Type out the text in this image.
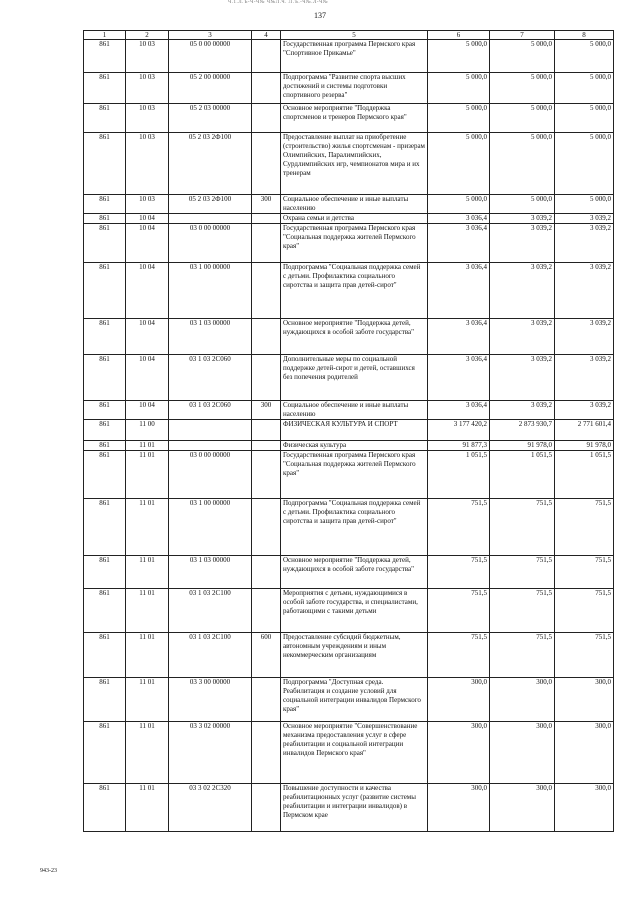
Ч.1.Л.Ъ-Ч-Ч№ Ч№Л.Ч. Л.Ъ.-Ч№.Л-Ч№
137
1	2	3	4	5	6	7	8
861	10 03	05 0 00 00000		Государственная программа Пермского края "Спортивное Прикамье"	5 000,0	5 000,0	5 000,0
861	10 03	05 2 00 00000		Подпрограмма "Развитие спорта высших достижений и системы подготовки спортивного резерва"	5 000,0	5 000,0	5 000,0
861	10 03	05 2 03 00000		Основное мероприятие "Поддержка спортсменов и тренеров Пермского края"	5 000,0	5 000,0	5 000,0
861	10 03	05 2 03 2Ф100		Предоставление выплат на приобретение (строительство) жилья спортсменам - призерам Олимпийских, Паралимпийских, Сурдлимпийских игр, чемпионатов мира и их тренерам	5 000,0	5 000,0	5 000,0
861	10 03	05 2 03 2Ф100	300	Социальное обеспечение и иные выплаты населению	5 000,0	5 000,0	5 000,0
861	10 04			Охрана семьи и детства	3 036,4	3 039,2	3 039,2
861	10 04	03 0 00 00000		Государственная программа Пермского края "Социальная поддержка жителей Пермского края"	3 036,4	3 039,2	3 039,2
861	10 04	03 1 00 00000		Подпрограмма "Социальная поддержка семей с детьми. Профилактика социального сиротства и защита прав детей-сирот"	3 036,4	3 039,2	3 039,2
861	10 04	03 1 03 00000		Основное мероприятие "Поддержка детей, нуждающихся в особой заботе государства"	3 036,4	3 039,2	3 039,2
861	10 04	03 1 03 2С060		Дополнительные меры по социальной поддержке детей-сирот и детей, оставшихся без попечения родителей	3 036,4	3 039,2	3 039,2
861	10 04	03 1 03 2С060	300	Социальное обеспечение и иные выплаты населению	3 036,4	3 039,2	3 039,2
861	11 00			ФИЗИЧЕСКАЯ КУЛЬТУРА И СПОРТ	3 177 420,2	2 873 930,7	2 771 601,4
861	11 01			Физическая культура	91 877,3	91 978,0	91 978,0
861	11 01	03 0 00 00000		Государственная программа Пермского края "Социальная поддержка жителей Пермского края"	1 051,5	1 051,5	1 051,5
861	11 01	03 1 00 00000		Подпрограмма "Социальная поддержка семей с детьми. Профилактика социального сиротства и защита прав детей-сирот"	751,5	751,5	751,5
861	11 01	03 1 03 00000		Основное мероприятие "Поддержка детей, нуждающихся в особой заботе государства"	751,5	751,5	751,5
861	11 01	03 1 03 2С100		Мероприятия с детьми, нуждающимися в особой заботе государства, и специалистами, работающими с такими детьми	751,5	751,5	751,5
861	11 01	03 1 03 2С100	600	Предоставление субсидий бюджетным, автономным учреждениям и иным некоммерческим организациям	751,5	751,5	751,5
861	11 01	03 3 00 00000		Подпрограмма "Доступная среда. Реабилитация и создание условий для социальной интеграции инвалидов Пермского края"	300,0	300,0	300,0
861	11 01	03 3 02 00000		Основное мероприятие "Совершенствование механизма предоставления услуг в сфере реабилитации и социальной интеграции инвалидов Пермского края"	300,0	300,0	300,0
861	11 01	03 3 02 2С320		Повышение доступности и качества реабилитационных услуг (развитие системы реабилитации и интеграции инвалидов) в Пермском крае	300,0	300,0	300,0
943-23
